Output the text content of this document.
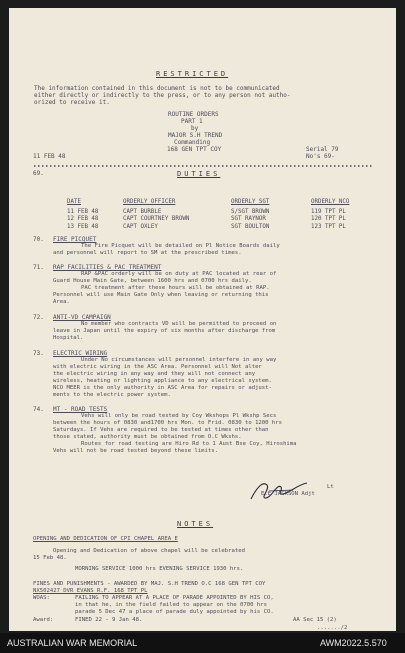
RESTRICTED
The information contained in this document is not to be communicated
either directly or indirectly to the press, or to any person not autho-
orized to receive it.
ROUTINE ORDERS
PART 1
by
MAJOR S.H TREND
Commanding
168 GEN TPT COY
11 FEB 48
Serial 79
No's 69-
69.	DUTIES
DATE	ORDERLY OFFICER	ORDERLY SGT	ORDERLY NCO

11 FEB 48	CAPT BURBLE	S/SGT BROWN	119 TPT PL
12 FEB 48	CAPT COURTNEY BROWN	SGT RAYNOR	120 TPT PL
13 FEB 48	CAPT OXLEY	SGT BOULTON	123 TPT PL
70. FIRE PICQUET
The Fire Picquet will be detailed on Pl Notice Boards daily
and personnel will report to SM at the prescribed times.
71. RAP FACILITIES & PAC TREATMENT
RAP &PAC orderly will be on duty at PAC located at rear of
Guard House Main Gate, between 1600 hrs and 0700 hrs daily.
PAC treatment after these hours will be obtained at RAP.
Personnel will use Main Gate Only when leaving or returning this
Area.
72. ANTI-VD CAMPAIGN
No member who contracts VD will be permitted to proceed on
leave in Japan until the expiry of six months after discharge from
Hospital.
73. ELECTRIC WIRING
Under No circumstances will personnel interfere in any way
with electric wiring in the ASC Area. Personnel will Not alter
the electric wiring in any way and they will not connect any
wireless, heating or lighting appliance to any electrical system.
NCO MEER is the only authority in ASC Area for repairs or adjust-
ments to the electric power system.
74. MT - ROAD TESTS
Vehs will only be road tested by Coy Wkshops Pl Wkshp Secs
between the hours of 0830 and1700 hrs Mon. to Frid. 0830 to 1200 hrs
Saturdays. If Vehs are required to be tested at times other than
those stated, authority must be obtained from O.C Wkshs.
Routes for road testing are Hiro Rd to 1 Aust Bse Coy, Hiroshima
Vehs will not be road tested beyond these limits.
Lt
E.E JACKSON Adjt
NOTES
OPENING AND DEDICATION OF CPI CHAPEL AREA E
Opening and Dedication of above chapel will be celebrated
15 Feb 48.
MORNING SERVICE 1000 hrs EVENING SERVICE 1930 hrs.
FINES AND PUNISHMENTS - AWARDED BY MAJ. S.H TREND O.C 168 GEN TPT COY
NX502427 DVR EVANS R.F. 168 TPT PL
WOAS:	FAILING TO APPEAR AT A PLACE OF PARADE APPOINTED BY HIS CO,
in that he, in the field failed to appear on the 0700 hrs
parade 5 Dec 47 a place of parade duly appointed by his CO.
Award:	FINED 22 - 9 Jan 48.	AA Sec 15 (2)
......./2
AUSTRALIAN WAR MEMORIAL	AWM2022.5.570
